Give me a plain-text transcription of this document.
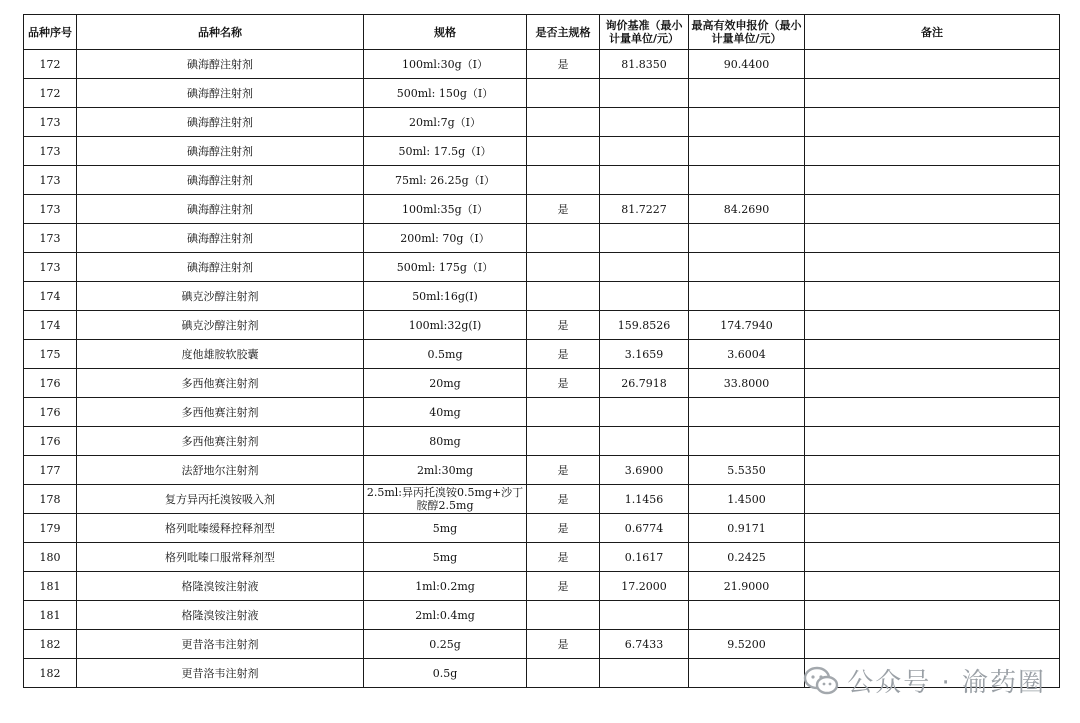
品种序号	品种名称	规格	是否主规格	询价基准（最小计量单位/元）	最高有效申报价（最小计量单位/元）	备注
172	碘海醇注射剂	100ml:30g（I）	是	81.8350	90.4400	
172	碘海醇注射剂	500ml: 150g（I）				
173	碘海醇注射剂	20ml:7g（I）				
173	碘海醇注射剂	50ml: 17.5g（I）				
173	碘海醇注射剂	75ml: 26.25g（I）				
173	碘海醇注射剂	100ml:35g（I）	是	81.7227	84.2690	
173	碘海醇注射剂	200ml: 70g（I）				
173	碘海醇注射剂	500ml: 175g（I）				
174	碘克沙醇注射剂	50ml:16g(I)				
174	碘克沙醇注射剂	100ml:32g(I)	是	159.8526	174.7940	
175	度他雄胺软胶囊	0.5mg	是	3.1659	3.6004	
176	多西他赛注射剂	20mg	是	26.7918	33.8000	
176	多西他赛注射剂	40mg				
176	多西他赛注射剂	80mg				
177	法舒地尔注射剂	2ml:30mg	是	3.6900	5.5350	
178	复方异丙托溴铵吸入剂	2.5ml:异丙托溴铵0.5mg+沙丁胺醇2.5mg	是	1.1456	1.4500	
179	格列吡嗪缓释控释剂型	5mg	是	0.6774	0.9171	
180	格列吡嗪口服常释剂型	5mg	是	0.1617	0.2425	
181	格隆溴铵注射液	1ml:0.2mg	是	17.2000	21.9000	
181	格隆溴铵注射液	2ml:0.4mg				
182	更昔洛韦注射剂	0.25g	是	6.7433	9.5200	
182	更昔洛韦注射剂	0.5g					公众号 · 渝药圈
